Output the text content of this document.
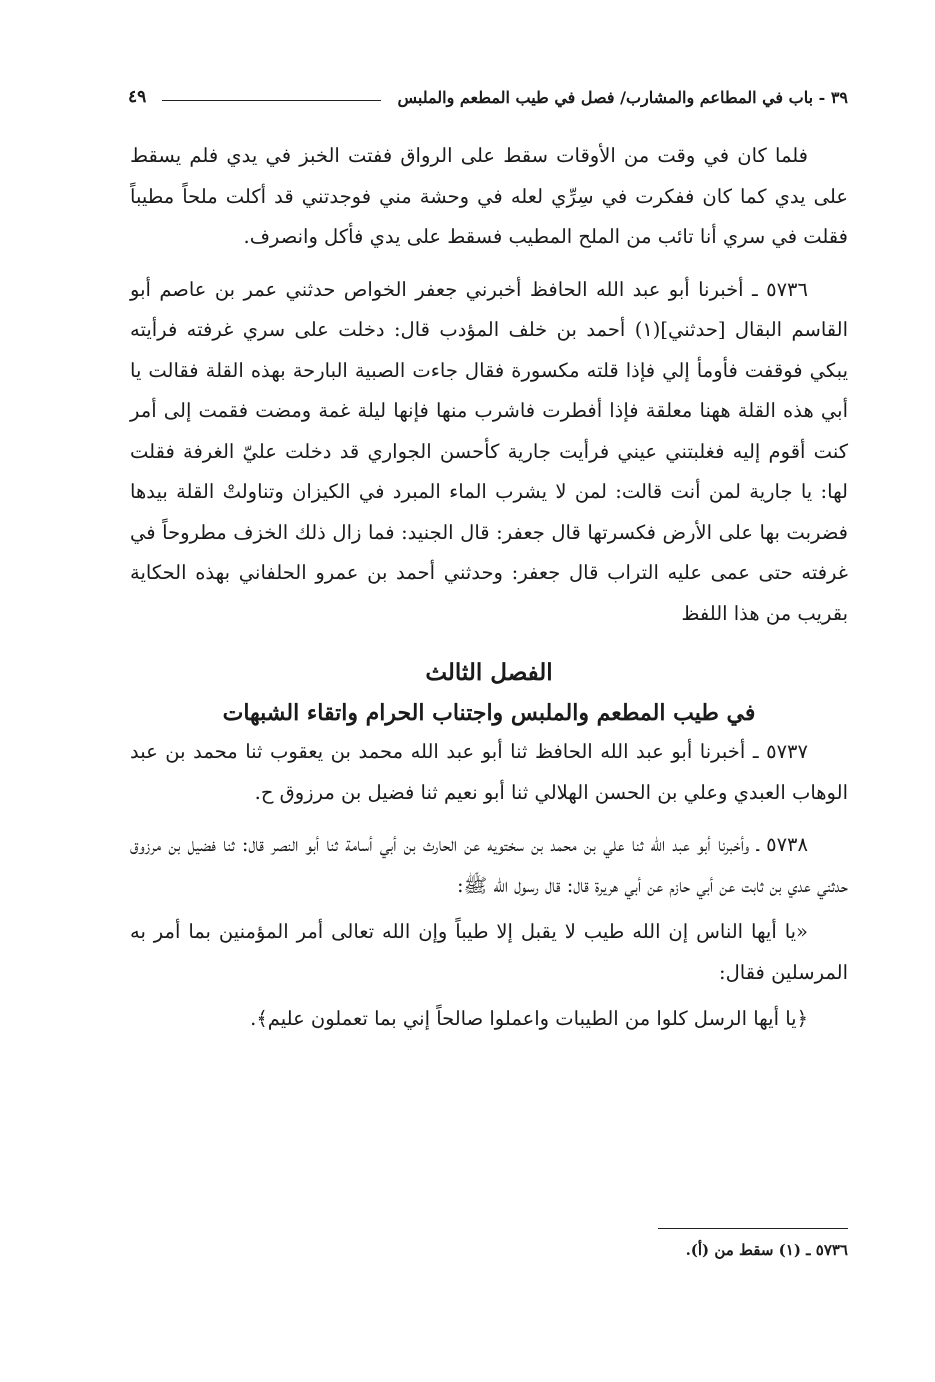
٣٩ - باب في المطاعم والمشارب/ فصل في طيب المطعم والملبس
٤٩

فلما كان في وقت من الأوقات سقط على الرواق ففتت الخبز في يدي فلم يسقط على يدي كما كان ففكرت في سِرِّي لعله في وحشة مني فوجدتني قد أكلت ملحاً مطيباً فقلت في سري أنا تائب من الملح المطيب فسقط على يدي فأكل وانصرف.

٥٧٣٦ ـ أخبرنا أبو عبد الله الحافظ أخبرني جعفر الخواص حدثني عمر بن عاصم أبو القاسم البقال [حدثني](١) أحمد بن خلف المؤدب قال: دخلت على سري غرفته فرأيته يبكي فوقفت فأومأ إلي فإذا قلته مكسورة فقال جاءت الصبية البارحة بهذه القلة فقالت يا أبي هذه القلة ههنا معلقة فإذا أفطرت فاشرب منها فإنها ليلة غمة ومضت فقمت إلى أمر كنت أقوم إليه فغلبتني عيني فرأيت جارية كأحسن الجواري قد دخلت عليّ الغرفة فقلت لها: يا جارية لمن أنت قالت: لمن لا يشرب الماء المبرد في الكيزان وتناولتْ القلة بيدها فضربت بها على الأرض فكسرتها قال جعفر: قال الجنيد: فما زال ذلك الخزف مطروحاً في غرفته حتى عمى عليه التراب قال جعفر: وحدثني أحمد بن عمرو الحلفاني بهذه الحكاية بقريب من هذا اللفظ

الفصل الثالث
في طيب المطعم والملبس واجتناب الحرام واتقاء الشبهات

٥٧٣٧ ـ أخبرنا أبو عبد الله الحافظ ثنا أبو عبد الله محمد بن يعقوب ثنا محمد بن عبد الوهاب العبدي وعلي بن الحسن الهلالي ثنا أبو نعيم ثنا فضيل بن مرزوق ح.

٥٧٣٨ ـ وأخبرنا أبو عبد الله ثنا علي بن محمد بن سختويه عن الحارث بن أبي أسامة ثنا أبو النصر قال: ثنا فضيل بن مرزوق حدثني عدي بن ثابت عن أبي حازم عن أبي هريرة قال: قال رسول الله ﷺ:

«يا أيها الناس إن الله طيب لا يقبل إلا طيباً وإن الله تعالى أمر المؤمنين بما أمر به المرسلين فقال:

﴿يا أيها الرسل كلوا من الطيبات واعملوا صالحاً إني بما تعملون عليم﴾.

٥٧٣٦ ـ (١) سقط من (أ).
